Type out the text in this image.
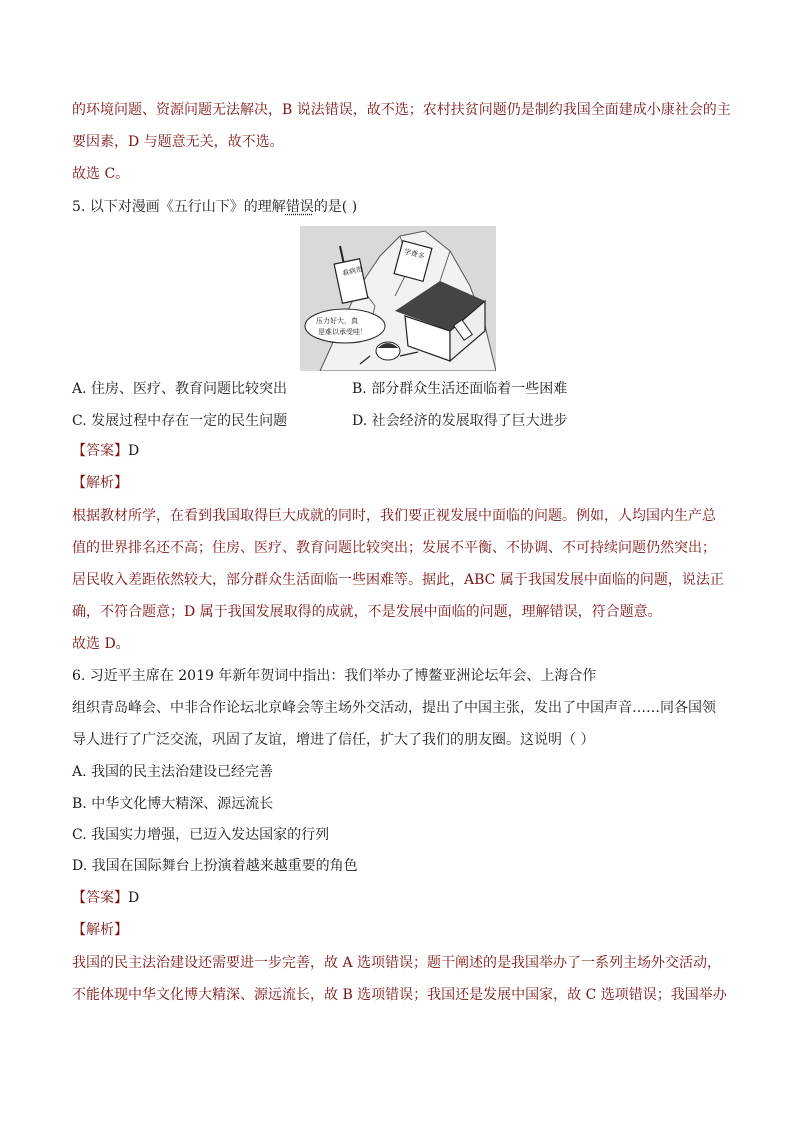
的环境问题、资源问题无法解决，B 说法错误，故不选；农村扶贫问题仍是制约我国全面建成小康社会的主
要因素，D 与题意无关，故不选。
故选 C。
5. 以下对漫画《五行山下》的理解错误的是( )
看病贵
学费多
压力好大，真
是难以承受哇！
A. 住房、医疗、教育问题比较突出	B. 部分群众生活还面临着一些困难
C. 发展过程中存在一定的民生问题	D. 社会经济的发展取得了巨大进步
【答案】D
【解析】
根据教材所学，在看到我国取得巨大成就的同时，我们要正视发展中面临的问题。例如，人均国内生产总
值的世界排名还不高；住房、医疗、教育问题比较突出；发展不平衡、不协调、不可持续问题仍然突出；
居民收入差距依然较大，部分群众生活面临一些困难等。据此，ABC 属于我国发展中面临的问题，说法正
确，不符合题意；D 属于我国发展取得的成就，不是发展中面临的问题，理解错误，符合题意。
故选 D。
6. 习近平主席在 2019 年新年贺词中指出：我们举办了博鳌亚洲论坛年会、上海合作
组织青岛峰会、中非合作论坛北京峰会等主场外交活动，提出了中国主张，发出了中国声音……同各国领
导人进行了广泛交流，巩固了友谊，增进了信任，扩大了我们的朋友圈。这说明（ ）
A. 我国的民主法治建设已经完善
B. 中华文化博大精深、源远流长
C. 我国实力增强，已迈入发达国家的行列
D. 我国在国际舞台上扮演着越来越重要的角色
【答案】D
【解析】
我国的民主法治建设还需要进一步完善，故 A 选项错误；题干阐述的是我国举办了一系列主场外交活动，
不能体现中华文化博大精深、源远流长，故 B 选项错误；我国还是发展中国家，故 C 选项错误；我国举办
